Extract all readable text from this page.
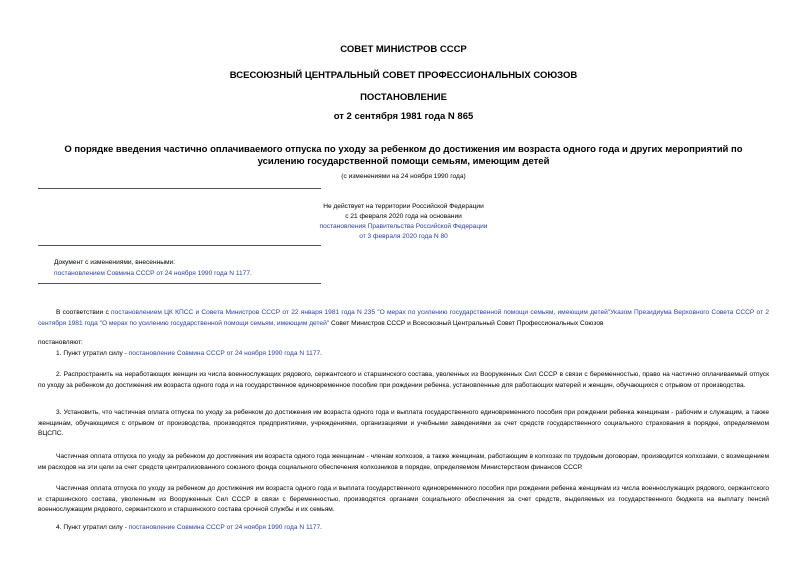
СОВЕТ МИНИСТРОВ СССР
ВСЕСОЮЗНЫЙ ЦЕНТРАЛЬНЫЙ СОВЕТ ПРОФЕССИОНАЛЬНЫХ СОЮЗОВ
ПОСТАНОВЛЕНИЕ
от 2 сентября 1981 года N 865
О порядке введения частично оплачиваемого отпуска по уходу за ребенком до достижения им возраста одного года и других мероприятий по усилению государственной помощи семьям, имеющим детей
(с изменениями на 24 ноября 1990 года)
Не действует на территории Российской Федерации
с 21 февраля 2020 года на основании
постановления Правительства Российской Федерации
от 3 февраля 2020 года N 80
Документ с изменениями, внесенными:
постановлением Совмина СССР от 24 ноября 1990 года N 1177.
В соответствии с постановлением ЦК КПСС и Совета Министров СССР от 22 января 1981 года N 235 "О мерах по усилению государственной помощи семьям, имеющим детей"Указом Президиума Верховного Совета СССР от 2 сентября 1981 года "О мерах по усилению государственной помощи семьям, имеющим детей" Совет Министров СССР и Всесоюзный Центральный Совет Профессиональных Союзов
постановляют:
1. Пункт утратил силу - постановление Совмина СССР от 24 ноября 1990 года N 1177.
2. Распространить на неработающих женщин из числа военнослужащих рядового, сержантского и старшинского состава, уволенных из Вооруженных Сил СССР в связи с беременностью, право на частично оплачиваемый отпуск по уходу за ребенком до достижения им возраста одного года и на государственное единовременное пособие при рождении ребенка, установленные для работающих матерей и женщин, обучающихся с отрывом от производства.
3. Установить, что частичная оплата отпуска по уходу за ребенком до достижения им возраста одного года и выплата государственного единовременного пособия при рождении ребенка женщинам - рабочим и служащим, а также женщинам, обучающимся с отрывом от производства, производятся предприятиями, учреждениями, организациями и учебными заведениями за счет средств государственного социального страхования в порядке, определяемом ВЦСПС.
Частичная оплата отпуска по уходу за ребенком до достижения им возраста одного года женщинам - членам колхозов, а также женщинам, работающим в колхозах по трудовым договорам, производится колхозами, с возмещением им расходов на эти цели за счет средств централизованного союзного фонда социального обеспечения колхозников в порядке, определяемом Министерством финансов СССР.
Частичная оплата отпуска по уходу за ребенком до достижения им возраста одного года и выплата государственного единовременного пособия при рождении ребенка женщинам из числа военнослужащих рядового, сержантского и старшинского состава, уволенным из Вооруженных Сил СССР в связи с беременностью, производятся органами социального обеспечения за счет средств, выделяемых из государственного бюджета на выплату пенсий военнослужащим рядового, сержантского и старшинского состава срочной службы и их семьям.
4. Пункт утратил силу - постановление Совмина СССР от 24 ноября 1990 года N 1177.
